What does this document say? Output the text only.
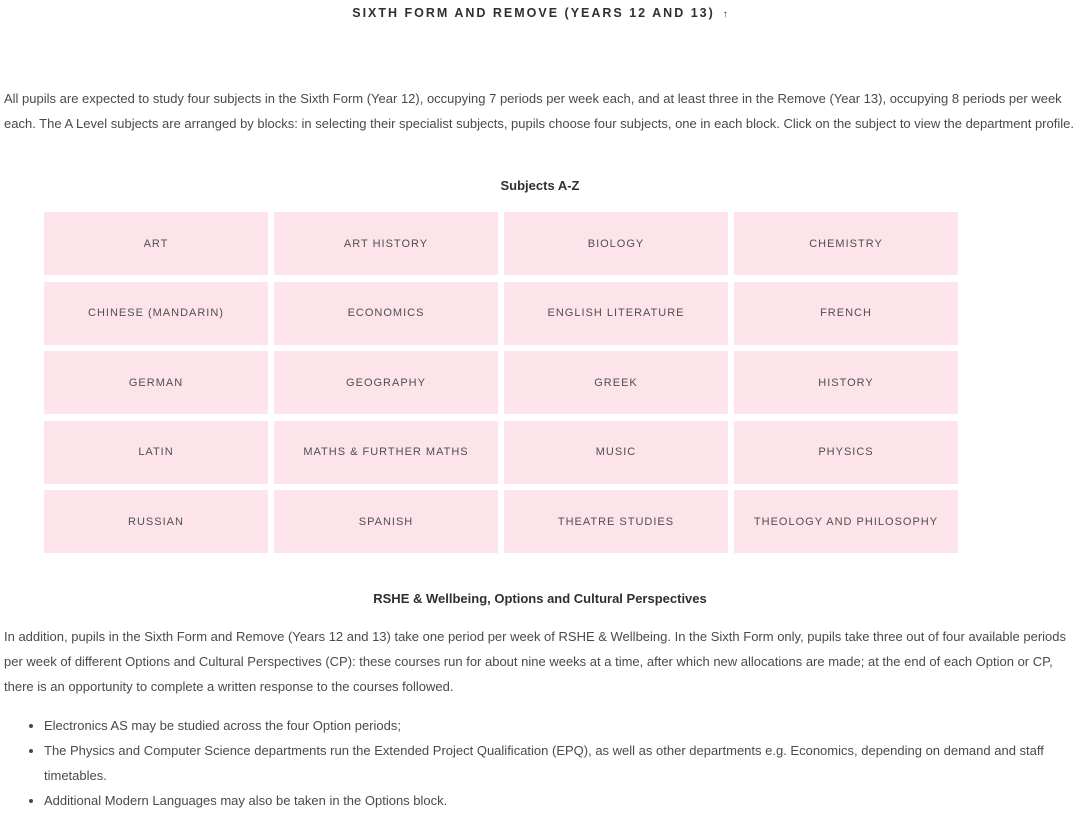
SIXTH FORM AND REMOVE (YEARS 12 AND 13) ↑

All pupils are expected to study four subjects in the Sixth Form (Year 12), occupying 7 periods per week each, and at least three in the Remove (Year 13), occupying 8 periods per week each. The A Level subjects are arranged by blocks: in selecting their specialist subjects, pupils choose four subjects, one in each block. Click on the subject to view the department profile.

Subjects A-Z
ART	ART HISTORY	BIOLOGY	CHEMISTRY
CHINESE (MANDARIN)	ECONOMICS	ENGLISH LITERATURE	FRENCH
GERMAN	GEOGRAPHY	GREEK	HISTORY
LATIN	MATHS & FURTHER MATHS	MUSIC	PHYSICS
RUSSIAN	SPANISH	THEATRE STUDIES	THEOLOGY AND PHILOSOPHY
RSHE & Wellbeing, Options and Cultural Perspectives

In addition, pupils in the Sixth Form and Remove (Years 12 and 13) take one period per week of RSHE & Wellbeing. In the Sixth Form only, pupils take three out of four available periods per week of different Options and Cultural Perspectives (CP): these courses run for about nine weeks at a time, after which new allocations are made; at the end of each Option or CP, there is an opportunity to complete a written response to the courses followed.

• Electronics AS may be studied across the four Option periods;
• The Physics and Computer Science departments run the Extended Project Qualification (EPQ), as well as other departments e.g. Economics, depending on demand and staff timetables.
• Additional Modern Languages may also be taken in the Options block.
